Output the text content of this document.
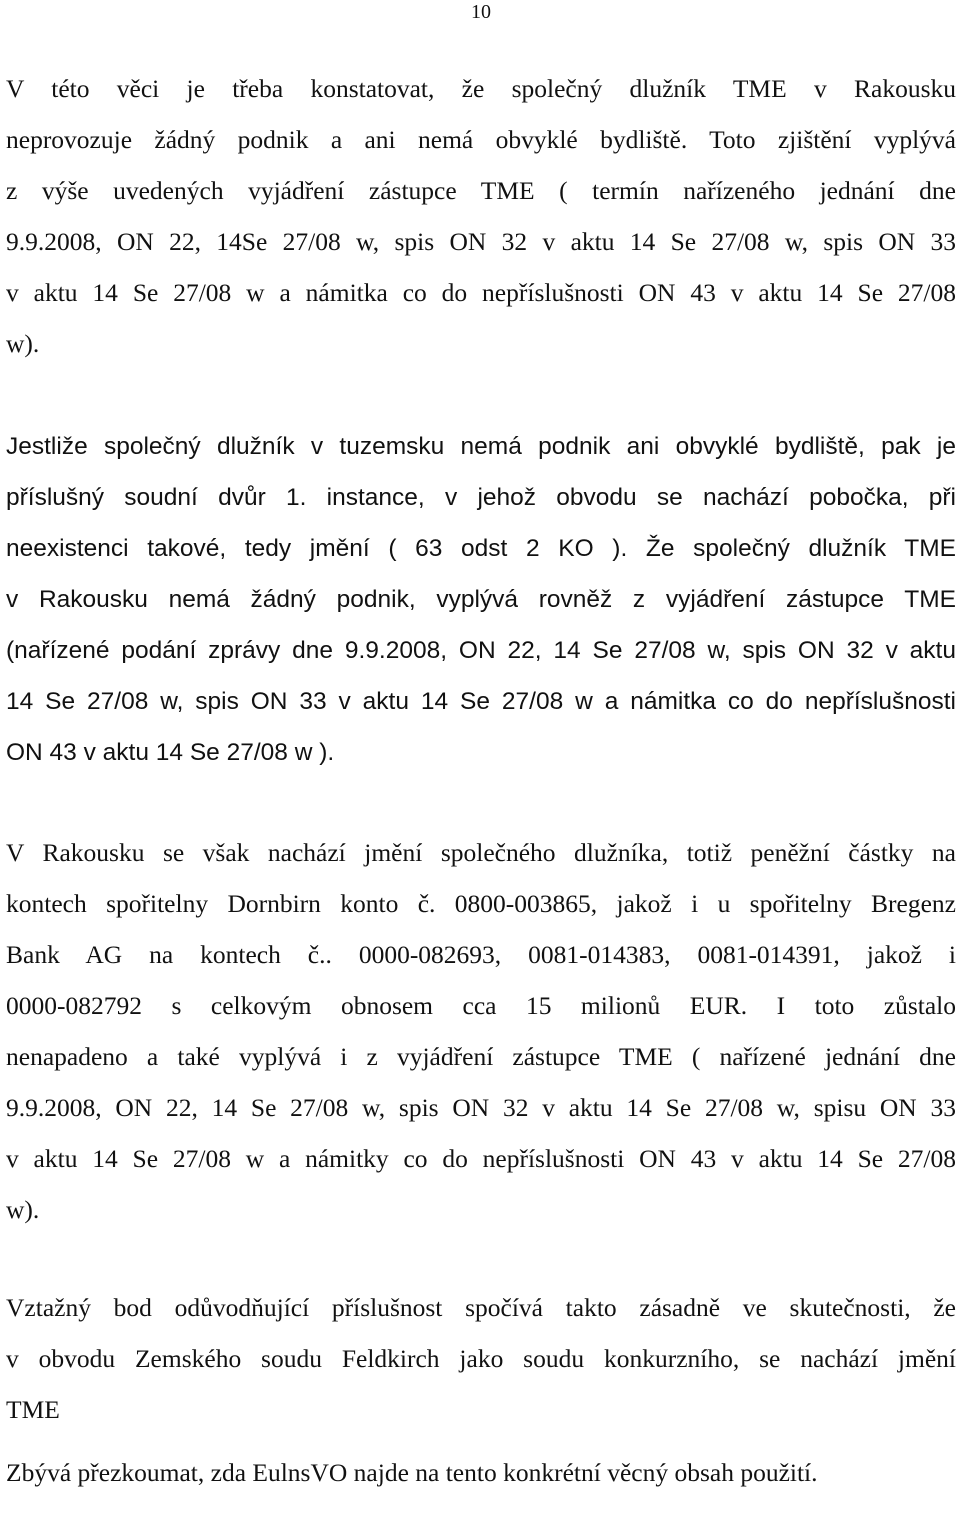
10
V této věci je třeba konstatovat, že společný dlužník TME v Rakousku
neprovozuje žádný podnik a ani nemá obvyklé bydliště. Toto zjištění vyplývá
z výše uvedených vyjádření zástupce TME ( termín nařízeného jednání dne
9.9.2008, ON 22, 14Se 27/08 w, spis ON 32 v aktu 14 Se 27/08 w, spis ON 33
v aktu 14 Se 27/08 w a námitka co do nepříslušnosti ON 43 v aktu 14 Se 27/08
w).
Jestliže společný dlužník v tuzemsku nemá podnik ani obvyklé bydliště, pak je
příslušný soudní dvůr 1. instance, v jehož obvodu se nachází pobočka, při
neexistenci takové, tedy jmění ( 63 odst 2 KO ). Že společný dlužník TME
v Rakousku nemá žádný podnik, vyplývá rovněž z vyjádření zástupce TME
(nařízené podání zprávy dne 9.9.2008, ON 22, 14 Se 27/08 w, spis ON 32 v aktu
14 Se 27/08 w, spis ON 33 v aktu 14 Se 27/08 w a námitka co do nepříslušnosti
ON 43 v aktu 14 Se 27/08 w ).
V Rakousku se však nachází jmění společného dlužníka, totiž peněžní částky na
kontech spořitelny Dornbirn konto č. 0800-003865, jakož i u spořitelny Bregenz
Bank AG na kontech č.. 0000-082693, 0081-014383, 0081-014391, jakož i
0000-082792 s celkovým obnosem cca 15 milionů EUR. I toto zůstalo
nenapadeno a také vyplývá i z vyjádření zástupce TME ( nařízené jednání dne
9.9.2008, ON 22, 14 Se 27/08 w, spis ON 32 v aktu 14 Se 27/08 w, spisu ON 33
v aktu 14 Se 27/08 w a námitky co do nepříslušnosti ON 43 v aktu 14 Se 27/08
w).
Vztažný bod odůvodňující příslušnost spočívá takto zásadně ve skutečnosti, že
v obvodu Zemského soudu Feldkirch jako soudu konkurzního, se nachází jmění
TME
Zbývá přezkoumat, zda EulnsVO najde na tento konkrétní věcný obsah použití.
